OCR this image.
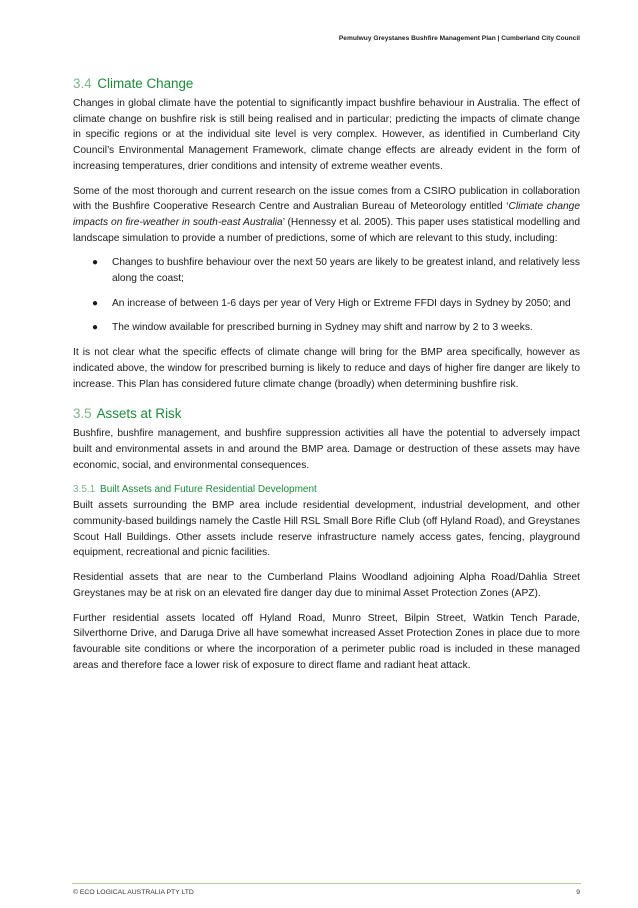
Pemulwuy Greystanes Bushfire Management Plan | Cumberland City Council
3.4 Climate Change

Changes in global climate have the potential to significantly impact bushfire behaviour in Australia. The effect of climate change on bushfire risk is still being realised and in particular; predicting the impacts of climate change in specific regions or at the individual site level is very complex. However, as identified in Cumberland City Council’s Environmental Management Framework, climate change effects are already evident in the form of increasing temperatures, drier conditions and intensity of extreme weather events.

Some of the most thorough and current research on the issue comes from a CSIRO publication in collaboration with the Bushfire Cooperative Research Centre and Australian Bureau of Meteorology entitled ‘Climate change impacts on fire-weather in south-east Australia’ (Hennessy et al. 2005). This paper uses statistical modelling and landscape simulation to provide a number of predictions, some of which are relevant to this study, including:

● Changes to bushfire behaviour over the next 50 years are likely to be greatest inland, and relatively less along the coast;
● An increase of between 1-6 days per year of Very High or Extreme FFDI days in Sydney by 2050; and
● The window available for prescribed burning in Sydney may shift and narrow by 2 to 3 weeks.

It is not clear what the specific effects of climate change will bring for the BMP area specifically, however as indicated above, the window for prescribed burning is likely to reduce and days of higher fire danger are likely to increase. This Plan has considered future climate change (broadly) when determining bushfire risk.

3.5 Assets at Risk

Bushfire, bushfire management, and bushfire suppression activities all have the potential to adversely impact built and environmental assets in and around the BMP area. Damage or destruction of these assets may have economic, social, and environmental consequences.

3.5.1 Built Assets and Future Residential Development

Built assets surrounding the BMP area include residential development, industrial development, and other community-based buildings namely the Castle Hill RSL Small Bore Rifle Club (off Hyland Road), and Greystanes Scout Hall Buildings. Other assets include reserve infrastructure namely access gates, fencing, playground equipment, recreational and picnic facilities.

Residential assets that are near to the Cumberland Plains Woodland adjoining Alpha Road/Dahlia Street Greystanes may be at risk on an elevated fire danger day due to minimal Asset Protection Zones (APZ).

Further residential assets located off Hyland Road, Munro Street, Bilpin Street, Watkin Tench Parade, Silverthorne Drive, and Daruga Drive all have somewhat increased Asset Protection Zones in place due to more favourable site conditions or where the incorporation of a perimeter public road is included in these managed areas and therefore face a lower risk of exposure to direct flame and radiant heat attack.

© ECO LOGICAL AUSTRALIA PTY LTD	9
